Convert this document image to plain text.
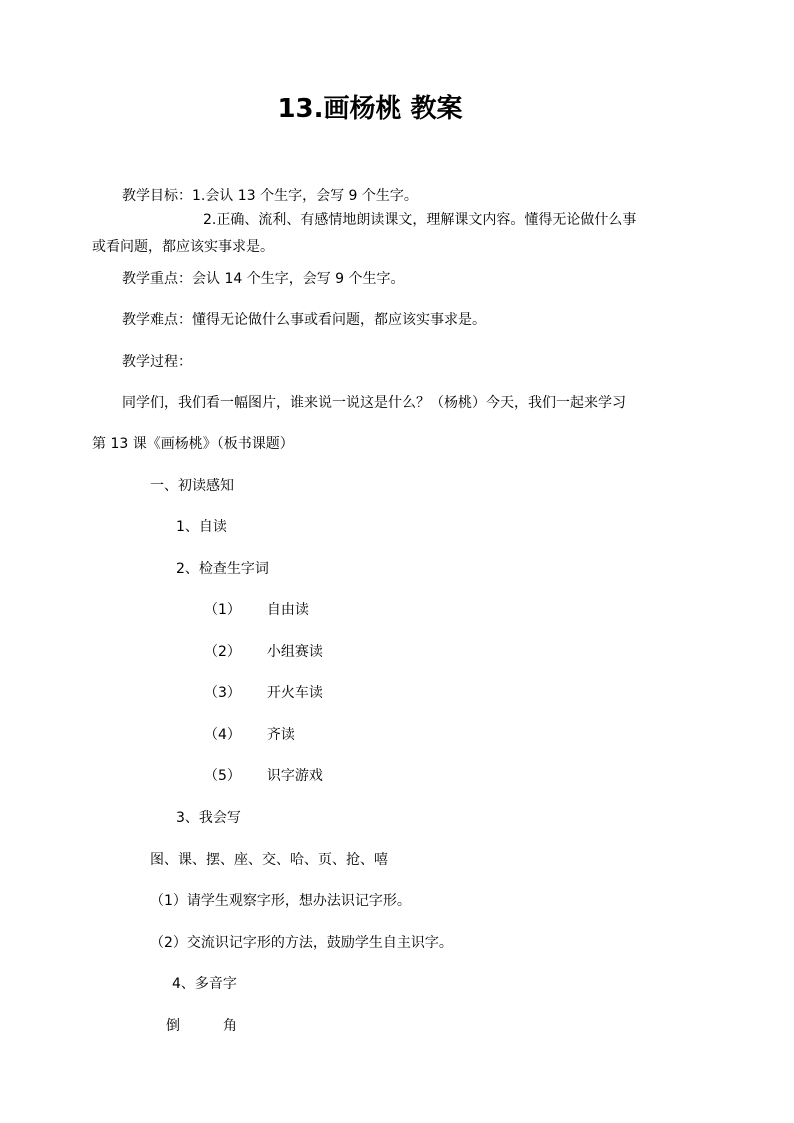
13.画杨桃 教案
教学目标：1.会认 13 个生字，会写 9 个生字。
2.正确、流利、有感情地朗读课文，理解课文内容。懂得无论做什么事
或看问题，都应该实事求是。
教学重点：会认 14 个生字，会写 9 个生字。
教学难点：懂得无论做什么事或看问题，都应该实事求是。
教学过程：
同学们，我们看一幅图片，谁来说一说这是什么？（杨桃）今天，我们一起来学习
第 13 课《画杨桃》（板书课题）
一、初读感知
1、自读
2、检查生字词
（1） 自由读
（2） 小组赛读
（3） 开火车读
（4） 齐读
（5） 识字游戏
3、我会写
图、课、摆、座、交、哈、页、抢、嘻
（1）请学生观察字形，想办法识记字形。
（2）交流识记字形的方法，鼓励学生自主识字。
4、多音字
倒	角
